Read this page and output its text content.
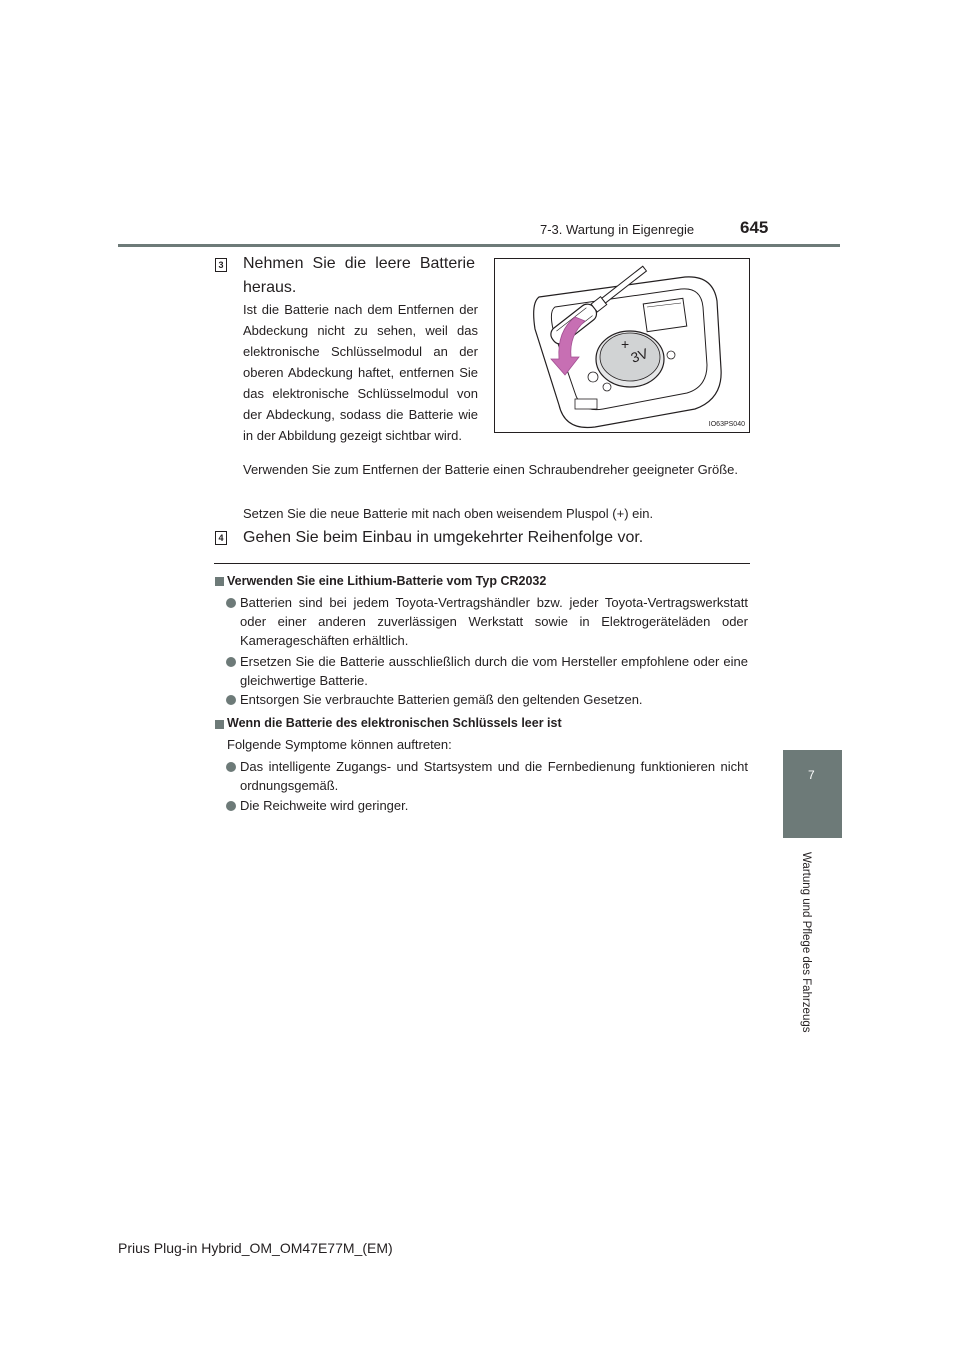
7-3. Wartung in Eigenregie	645
7
Wartung und Pflege des Fahrzeugs
3 Nehmen Sie die leere Batterie heraus.
Ist die Batterie nach dem Entfernen der Abdeckung nicht zu sehen, weil das elektronische Schlüsselmodul an der oberen Abdeckung haftet, entfernen Sie das elektronische Schlüsselmodul von der Abdeckung, sodass die Batterie wie in der Abbildung gezeigt sichtbar wird.
3V
+
IO63PS040
Verwenden Sie zum Entfernen der Batterie einen Schraubendreher geeigneter Größe.
Setzen Sie die neue Batterie mit nach oben weisendem Pluspol (+) ein.
4 Gehen Sie beim Einbau in umgekehrter Reihenfolge vor.
Verwenden Sie eine Lithium-Batterie vom Typ CR2032
Batterien sind bei jedem Toyota-Vertragshändler bzw. jeder Toyota-Vertragswerkstatt oder einer anderen zuverlässigen Werkstatt sowie in Elektrogeräteläden oder Kamerageschäften erhältlich.
Ersetzen Sie die Batterie ausschließlich durch die vom Hersteller empfohlene oder eine gleichwertige Batterie.
Entsorgen Sie verbrauchte Batterien gemäß den geltenden Gesetzen.
Wenn die Batterie des elektronischen Schlüssels leer ist
Folgende Symptome können auftreten:
Das intelligente Zugangs- und Startsystem und die Fernbedienung funktionieren nicht ordnungsgemäß.
Die Reichweite wird geringer.
Prius Plug-in Hybrid_OM_OM47E77M_(EM)
